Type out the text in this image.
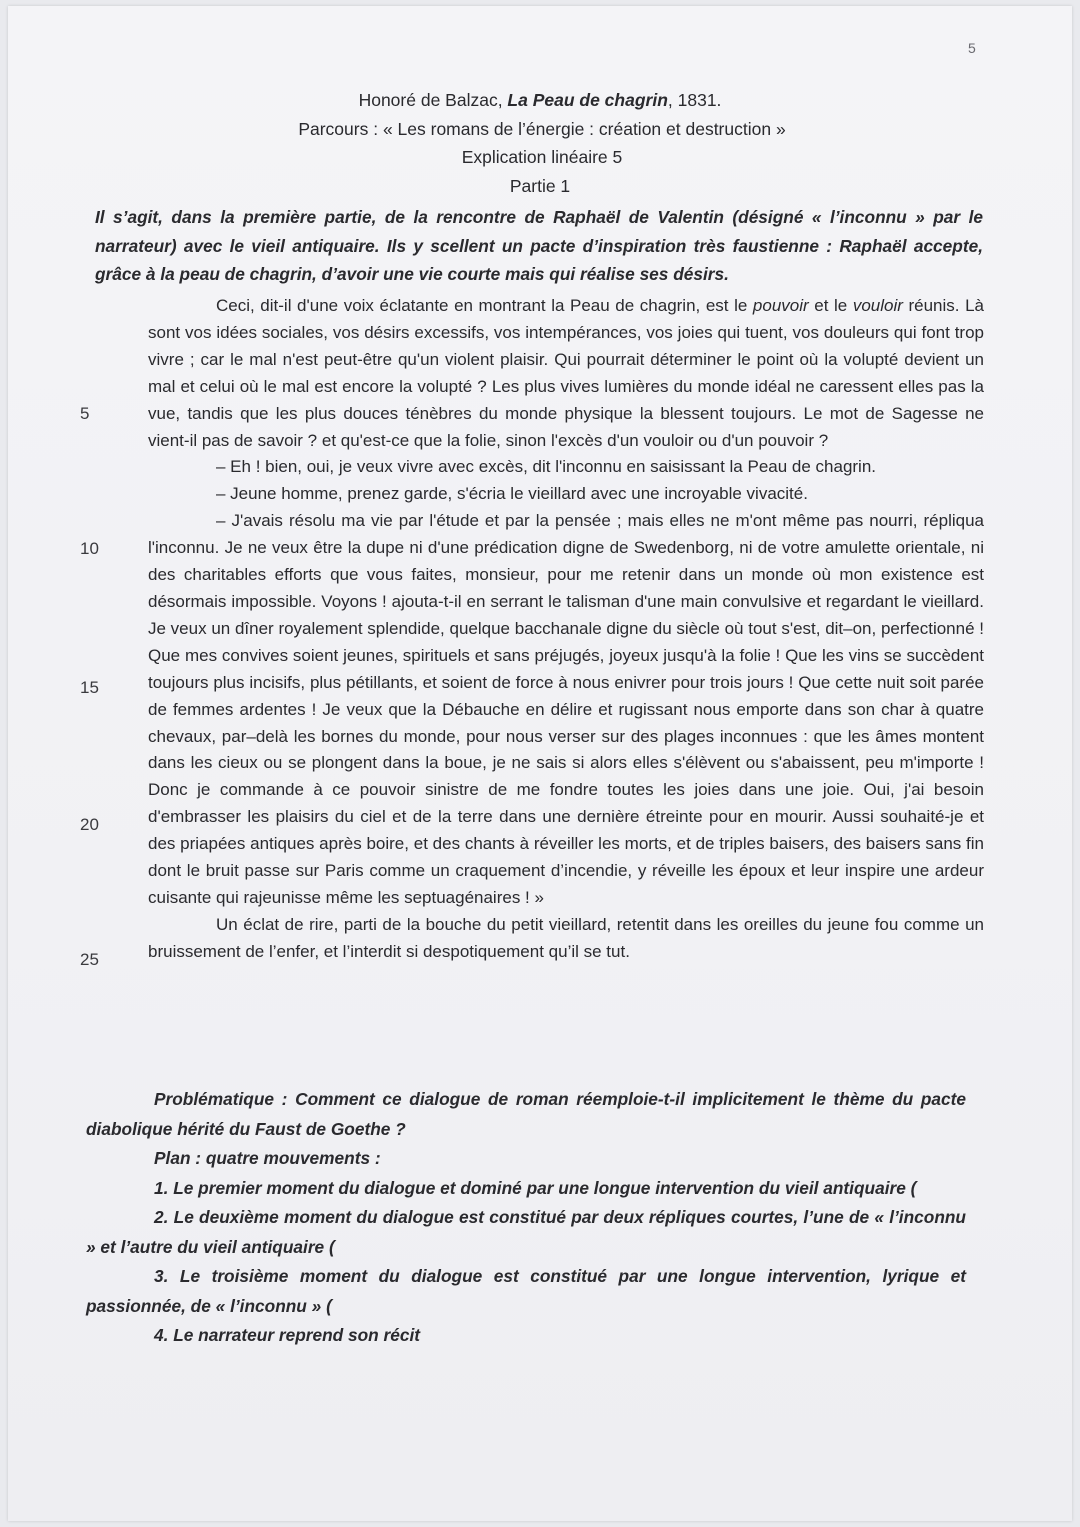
5
Honoré de Balzac, La Peau de chagrin, 1831.
Parcours : « Les romans de l’énergie : création et destruction »
Explication linéaire 5
Partie 1
Il s’agit, dans la première partie, de la rencontre de Raphaël de Valentin (désigné « l’inconnu » par le narrateur) avec le vieil antiquaire. Ils y scellent un pacte d’inspiration très faustienne : Raphaël accepte, grâce à la peau de chagrin, d’avoir une vie courte mais qui réalise ses désirs.

Ceci, dit-il d'une voix éclatante en montrant la Peau de chagrin, est le pouvoir et le vouloir réunis. Là sont vos idées sociales, vos désirs excessifs, vos intempérances, vos joies qui tuent, vos douleurs qui font trop vivre ; car le mal n'est peut-être qu'un violent plaisir. Qui pourrait déterminer le point où la volupté devient un mal et celui où le mal est encore la volupté ? Les plus vives lumières du monde idéal ne caressent elles pas la vue, tandis que les plus douces ténèbres du monde physique la blessent toujours. Le mot de Sagesse ne vient-il pas de savoir ? et qu'est-ce que la folie, sinon l'excès d'un vouloir ou d'un pouvoir ?

– Eh ! bien, oui, je veux vivre avec excès, dit l'inconnu en saisissant la Peau de chagrin.

– Jeune homme, prenez garde, s'écria le vieillard avec une incroyable vivacité.

– J'avais résolu ma vie par l'étude et par la pensée ; mais elles ne m'ont même pas nourri, répliqua l'inconnu. Je ne veux être la dupe ni d'une prédication digne de Swedenborg, ni de votre amulette orientale, ni des charitables efforts que vous faites, monsieur, pour me retenir dans un monde où mon existence est désormais impossible. Voyons ! ajouta-t-il en serrant le talisman d'une main convulsive et regardant le vieillard. Je veux un dîner royalement splendide, quelque bacchanale digne du siècle où tout s'est, dit–on, perfectionné ! Que mes convives soient jeunes, spirituels et sans préjugés, joyeux jusqu'à la folie ! Que les vins se succèdent toujours plus incisifs, plus pétillants, et soient de force à nous enivrer pour trois jours ! Que cette nuit soit parée de femmes ardentes ! Je veux que la Débauche en délire et rugissant nous emporte dans son char à quatre chevaux, par–delà les bornes du monde, pour nous verser sur des plages inconnues : que les âmes montent dans les cieux ou se plongent dans la boue, je ne sais si alors elles s'élèvent ou s'abaissent, peu m'importe ! Donc je commande à ce pouvoir sinistre de me fondre toutes les joies dans une joie. Oui, j'ai besoin d'embrasser les plaisirs du ciel et de la terre dans une dernière étreinte pour en mourir. Aussi souhaité-je et des priapées antiques après boire, et des chants à réveiller les morts, et de triples baisers, des baisers sans fin dont le bruit passe sur Paris comme un craquement d’incendie, y réveille les époux et leur inspire une ardeur cuisante qui rajeunisse même les septuagénaires ! »

Un éclat de rire, parti de la bouche du petit vieillard, retentit dans les oreilles du jeune fou comme un bruissement de l’enfer, et l’interdit si despotiquement qu’il se tut.

5
10
15
20
25

Problématique : Comment ce dialogue de roman réemploie-t-il implicitement le thème du pacte diabolique hérité du Faust de Goethe ?

Plan : quatre mouvements :

1. Le premier moment du dialogue et dominé par une longue intervention du vieil antiquaire (

2. Le deuxième moment du dialogue est constitué par deux répliques courtes, l’une de « l’inconnu » et l’autre du vieil antiquaire (

3. Le troisième moment du dialogue est constitué par une longue intervention, lyrique et passionnée, de « l’inconnu » (

4. Le narrateur reprend son récit
